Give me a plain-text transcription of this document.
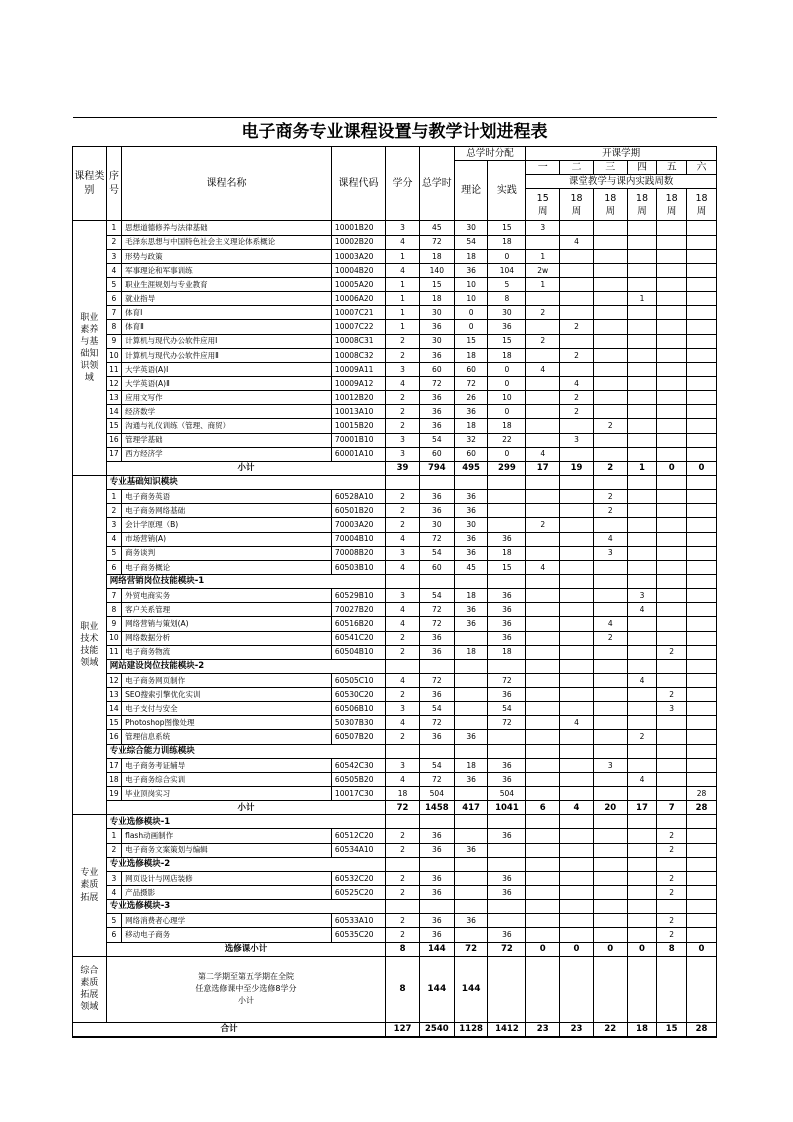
电子商务专业课程设置与教学计划进程表													
课程类别	序号	课程名称	课程代码	学分	总学时	总学时分配		开课学期					
						理论	实践	一	二	三	四	五	六
								课堂教学与课内实践周数					
								15周	18周	18周	18周	18周	18周
职业素养与基础知识领域	1	思想道德修养与法律基础	10001B20	3	45	30	15	3					
	2	毛泽东思想与中国特色社会主义理论体系概论	10002B20	4	72	54	18		4				
	3	形势与政策	10003A20	1	18	18	0	1					
	4	军事理论和军事训练	10004B20	4	140	36	104	2w					
	5	职业生涯规划与专业教育	10005A20	1	15	10	5	1					
	6	就业指导	10006A20	1	18	10	8				1		
	7	体育Ⅰ	10007C21	1	30	0	30	2					
	8	体育Ⅱ	10007C22	1	36	0	36		2				
	9	计算机与现代办公软件应用Ⅰ	10008C31	2	30	15	15	2					
	10	计算机与现代办公软件应用Ⅱ	10008C32	2	36	18	18		2				
	11	大学英语(A)Ⅰ	10009A11	3	60	60	0	4					
	12	大学英语(A)Ⅱ	10009A12	4	72	72	0		4				
	13	应用文写作	10012B20	2	36	26	10		2				
	14	经济数学	10013A10	2	36	36	0		2				
	15	沟通与礼仪训练（管理、商贸）	10015B20	2	36	18	18			2			
	16	管理学基础	70001B10	3	54	32	22		3				
	17	西方经济学	60001A10	3	60	60	0	4					
	小计			39	794	495	299	17	19	2	1	0	0
职业技术技能领域	专业基础知识模块												
	1	电子商务英语	60528A10	2	36	36				2			
	2	电子商务网络基础	60501B20	2	36	36				2			
	3	会计学原理（B)	70003A20	2	30	30		2					
	4	市场营销(A)	70004B10	4	72	36	36			4			
	5	商务谈判	70008B20	3	54	36	18			3			
	6	电子商务概论	60503B10	4	60	45	15	4					
	网络营销岗位技能模块-1												
	7	外贸电商实务	60529B10	3	54	18	36				3		
	8	客户关系管理	70027B20	4	72	36	36				4		
	9	网络营销与策划(A)	60516B20	4	72	36	36			4			
	10	网络数据分析	60541C20	2	36		36			2			
	11	电子商务物流	60504B10	2	36	18	18					2	
	网站建设岗位技能模块-2												
	12	电子商务网页制作	60505C10	4	72		72				4		
	13	SEO搜索引擎优化实训	60530C20	2	36		36					2	
	14	电子支付与安全	60506B10	3	54		54					3	
	15	Photoshop图像处理	50307B30	4	72		72		4				
	16	管理信息系统	60507B20	2	36	36					2		
	专业综合能力训练模块												
	17	电子商务考证辅导	60542C30	3	54	18	36			3			
	18	电子商务综合实训	60505B20	4	72	36	36				4		
	19	毕业顶岗实习	10017C30	18	504		504						28
	小计			72	1458	417	1041	6	4	20	17	7	28
专业素质拓展	专业选修模块-1												
	1	flash动画制作	60512C20	2	36		36					2	
	2	电子商务文案策划与编辑	60534A10	2	36	36						2	
	专业选修模块-2												
	3	网页设计与网店装修	60532C20	2	36		36					2	
	4	产品摄影	60525C20	2	36		36					2	
	专业选修模块-3												
	5	网络消费者心理学	60533A10	2	36	36						2	
	6	移动电子商务	60535C20	2	36		36					2	
	选修课小计			8	144	72	72	0	0	0	0	8	0
综合素质拓展领域	第二学期至第五学期在全院
任意选修课中至少选修8学分
小计			8	144	144							
合计				127	2540	1128	1412	23	23	22	18	15	28
